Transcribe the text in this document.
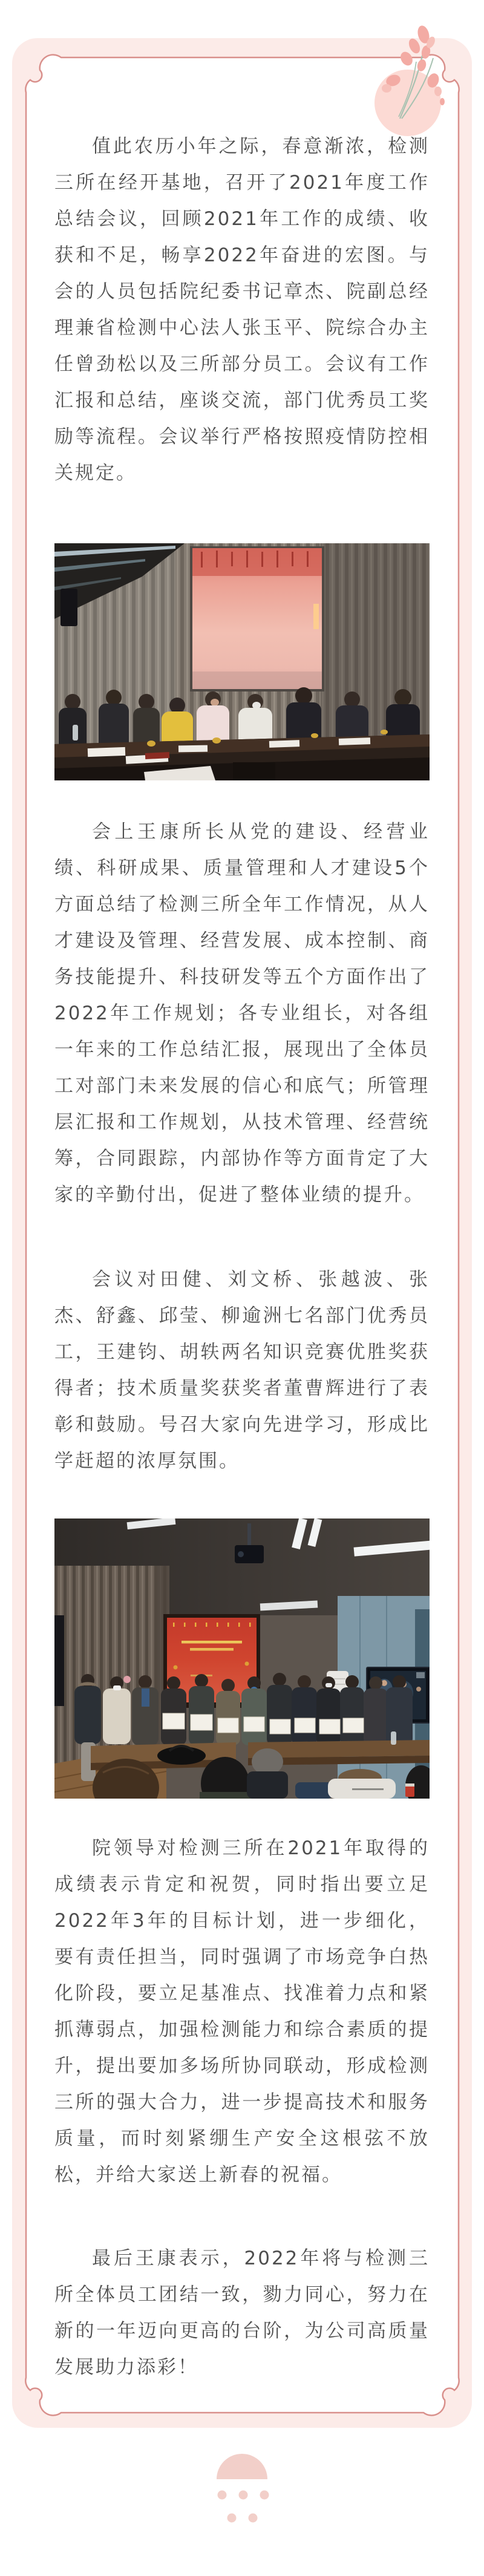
值此农历小年之际，春意渐浓，检测三所在经开基地，召开了2021年度工作总结会议，回顾2021年工作的成绩、收获和不足，畅享2022年奋进的宏图。与会的人员包括院纪委书记章杰、院副总经理兼省检测中心法人张玉平、院综合办主任曾劲松以及三所部分员工。会议有工作汇报和总结，座谈交流，部门优秀员工奖励等流程。会议举行严格按照疫情防控相关规定。

会上王康所长从党的建设、经营业绩、科研成果、质量管理和人才建设5个方面总结了检测三所全年工作情况，从人才建设及管理、经营发展、成本控制、商务技能提升、科技研发等五个方面作出了2022年工作规划；各专业组长，对各组一年来的工作总结汇报，展现出了全体员工对部门未来发展的信心和底气；所管理层汇报和工作规划，从技术管理、经营统筹，合同跟踪，内部协作等方面肯定了大家的辛勤付出，促进了整体业绩的提升。

会议对田健、刘文桥、张越波、张杰、舒鑫、邱莹、柳逾洲七名部门优秀员工，王建钧、胡轶两名知识竞赛优胜奖获得者；技术质量奖获奖者董曹辉进行了表彰和鼓励。号召大家向先进学习，形成比学赶超的浓厚氛围。

院领导对检测三所在2021年取得的成绩表示肯定和祝贺，同时指出要立足2022年3年的目标计划，进一步细化，要有责任担当，同时强调了市场竞争白热化阶段，要立足基准点、找准着力点和紧抓薄弱点，加强检测能力和综合素质的提升，提出要加多场所协同联动，形成检测三所的强大合力，进一步提高技术和服务质量，而时刻紧绷生产安全这根弦不放松，并给大家送上新春的祝福。

最后王康表示，2022年将与检测三所全体员工团结一致，勠力同心，努力在新的一年迈向更高的台阶，为公司高质量发展助力添彩！
